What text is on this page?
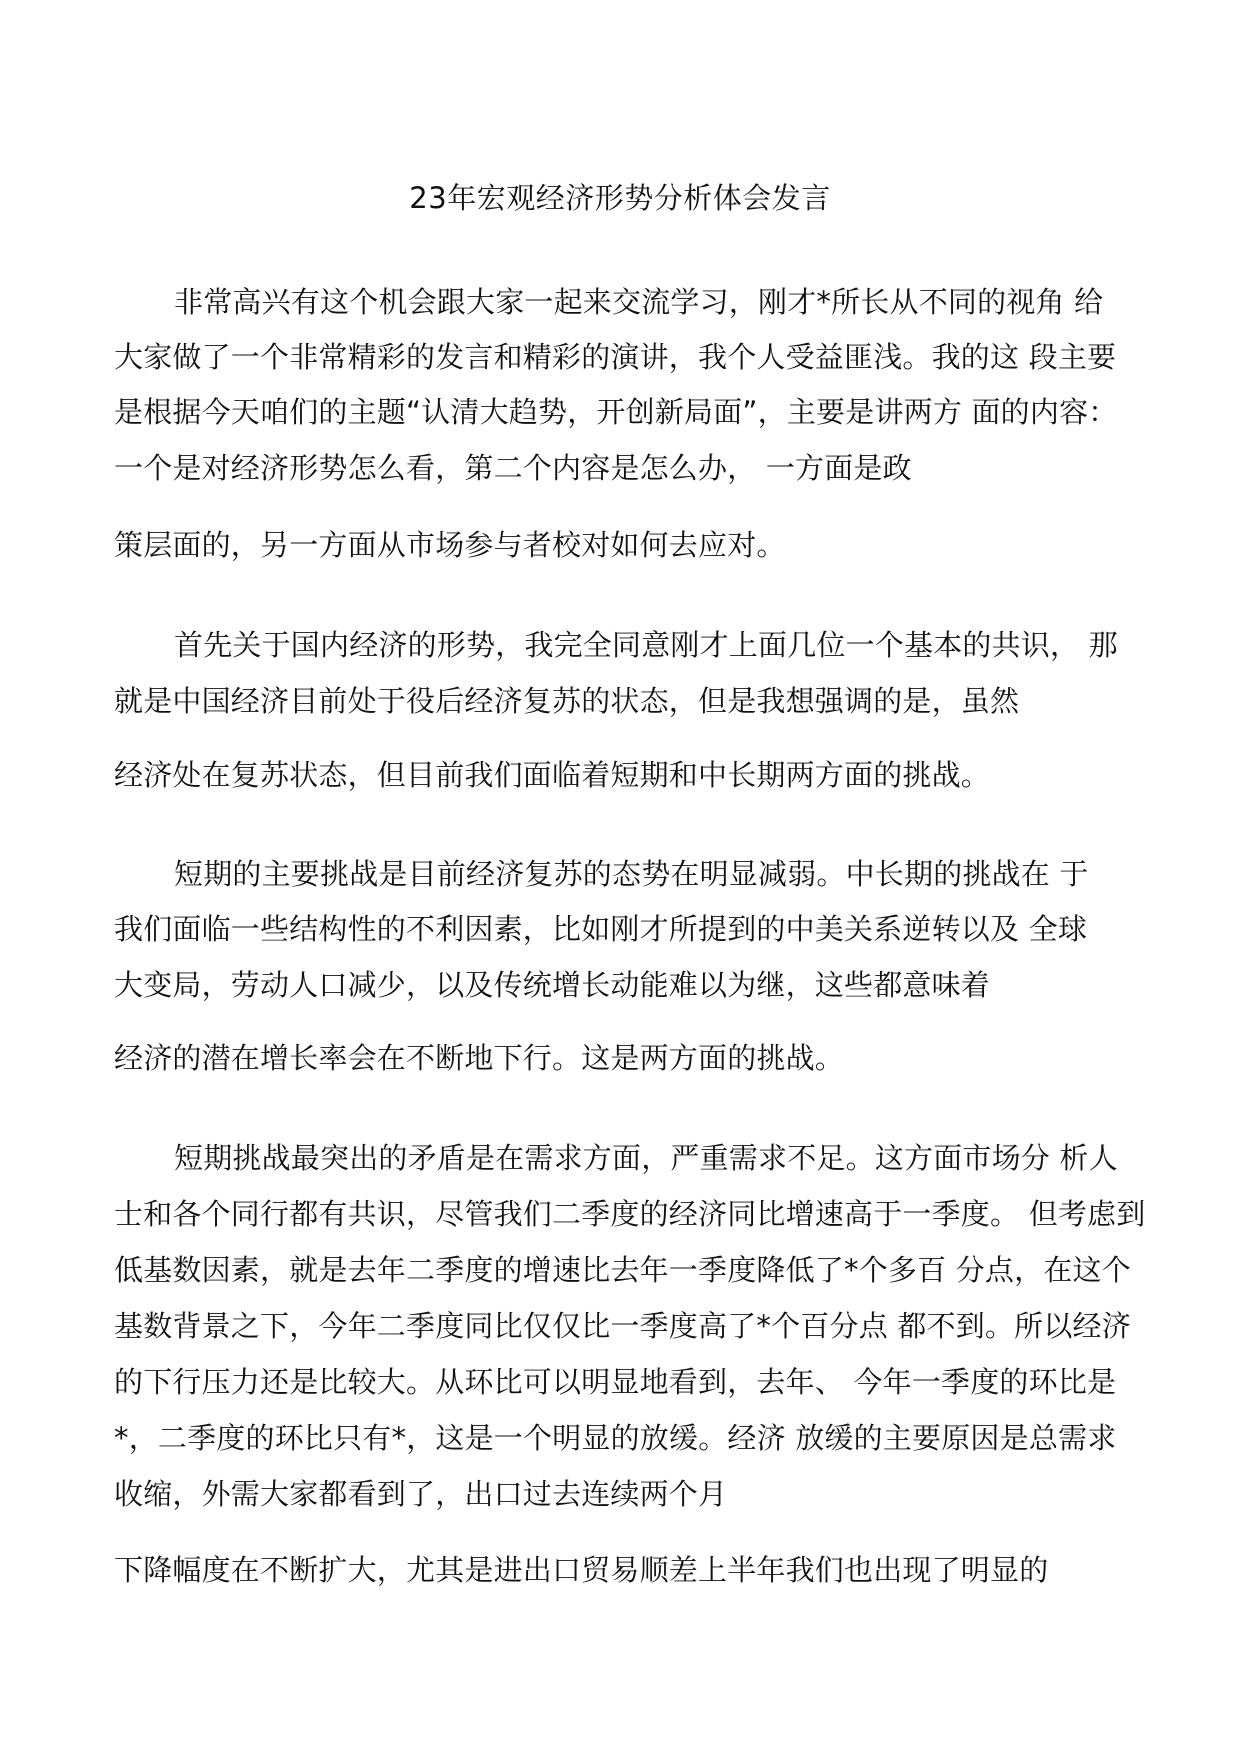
23年宏观经济形势分析体会发言
非常高兴有这个机会跟大家一起来交流学习，刚才*所长从不同的视角 给
大家做了一个非常精彩的发言和精彩的演讲，我个人受益匪浅。我的这 段主要
是根据今天咱们的主题“认清大趋势，开创新局面”，主要是讲两方 面的内容：
一个是对经济形势怎么看，第二个内容是怎么办， 一方面是政
策层面的，另一方面从市场参与者校对如何去应对。
首先关于国内经济的形势，我完全同意刚才上面几位一个基本的共识， 那
就是中国经济目前处于役后经济复苏的状态，但是我想强调的是，虽然
经济处在复苏状态，但目前我们面临着短期和中长期两方面的挑战。
短期的主要挑战是目前经济复苏的态势在明显减弱。中长期的挑战在 于
我们面临一些结构性的不利因素，比如刚才所提到的中美关系逆转以及 全球
大变局，劳动人口减少，以及传统增长动能难以为继，这些都意味着
经济的潜在增长率会在不断地下行。这是两方面的挑战。
短期挑战最突出的矛盾是在需求方面，严重需求不足。这方面市场分 析人
士和各个同行都有共识，尽管我们二季度的经济同比增速高于一季度。 但考虑到
低基数因素，就是去年二季度的增速比去年一季度降低了*个多百 分点，在这个
基数背景之下，今年二季度同比仅仅比一季度高了*个百分点 都不到。所以经济
的下行压力还是比较大。从环比可以明显地看到，去年、 今年一季度的环比是
*，二季度的环比只有*，这是一个明显的放缓。经济 放缓的主要原因是总需求
收缩，外需大家都看到了，出口过去连续两个月
下降幅度在不断扩大，尤其是进出口贸易顺差上半年我们也出现了明显的
